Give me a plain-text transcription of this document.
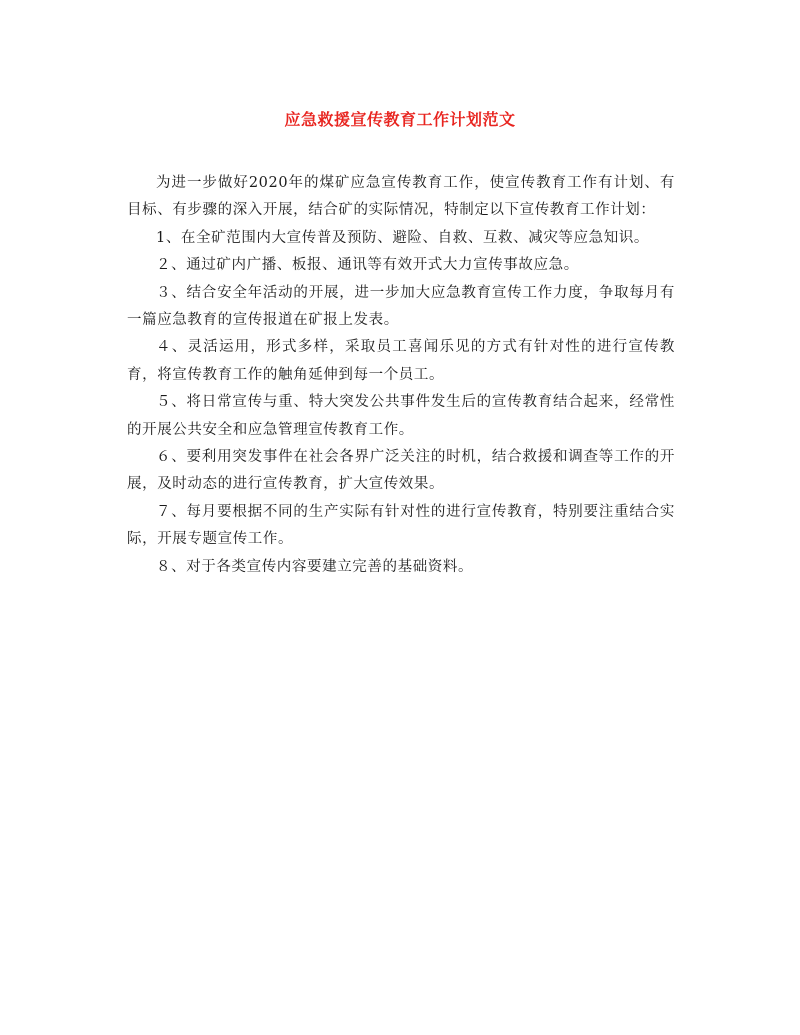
应急救援宣传教育工作计划范文

为进一步做好2020年的煤矿应急宣传教育工作，使宣传教育工作有计划、有目标、有步骤的深入开展，结合矿的实际情况，特制定以下宣传教育工作计划：

1、在全矿范围内大宣传普及预防、避险、自救、互救、减灾等应急知识。

２、通过矿内广播、板报、通讯等有效开式大力宣传事故应急。

３、结合安全年活动的开展，进一步加大应急教育宣传工作力度，争取每月有一篇应急教育的宣传报道在矿报上发表。

４、灵活运用，形式多样，采取员工喜闻乐见的方式有针对性的进行宣传教育，将宣传教育工作的触角延伸到每一个员工。

５、将日常宣传与重、特大突发公共事件发生后的宣传教育结合起来，经常性的开展公共安全和应急管理宣传教育工作。

６、要利用突发事件在社会各界广泛关注的时机，结合救援和调查等工作的开展，及时动态的进行宣传教育，扩大宣传效果。

７、每月要根据不同的生产实际有针对性的进行宣传教育，特别要注重结合实际，开展专题宣传工作。

８、对于各类宣传内容要建立完善的基础资料。
